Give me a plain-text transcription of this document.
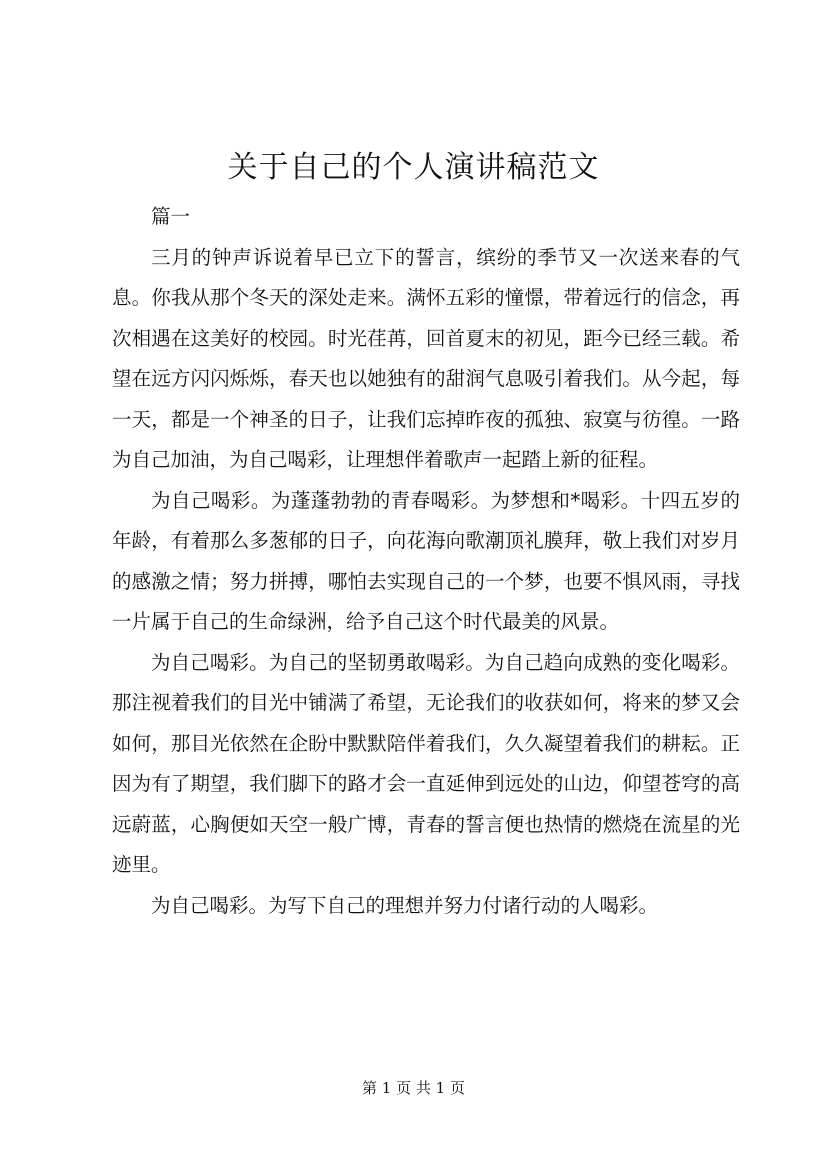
关于自己的个人演讲稿范文

篇一

三月的钟声诉说着早已立下的誓言，缤纷的季节又一次送来春的气息。你我从那个冬天的深处走来。满怀五彩的憧憬，带着远行的信念，再次相遇在这美好的校园。时光荏苒，回首夏末的初见，距今已经三载。希望在远方闪闪烁烁，春天也以她独有的甜润气息吸引着我们。从今起，每一天，都是一个神圣的日子，让我们忘掉昨夜的孤独、寂寞与彷徨。一路为自己加油，为自己喝彩，让理想伴着歌声一起踏上新的征程。

为自己喝彩。为蓬蓬勃勃的青春喝彩。为梦想和*喝彩。十四五岁的年龄，有着那么多葱郁的日子，向花海向歌潮顶礼膜拜，敬上我们对岁月的感激之情；努力拼搏，哪怕去实现自己的一个梦，也要不惧风雨，寻找一片属于自己的生命绿洲，给予自己这个时代最美的风景。

为自己喝彩。为自己的坚韧勇敢喝彩。为自己趋向成熟的变化喝彩。那注视着我们的目光中铺满了希望，无论我们的收获如何，将来的梦又会如何，那目光依然在企盼中默默陪伴着我们，久久凝望着我们的耕耘。正因为有了期望，我们脚下的路才会一直延伸到远处的山边，仰望苍穹的高远蔚蓝，心胸便如天空一般广博，青春的誓言便也热情的燃烧在流星的光迹里。

为自己喝彩。为写下自己的理想并努力付诸行动的人喝彩。

第 1 页 共 1 页
